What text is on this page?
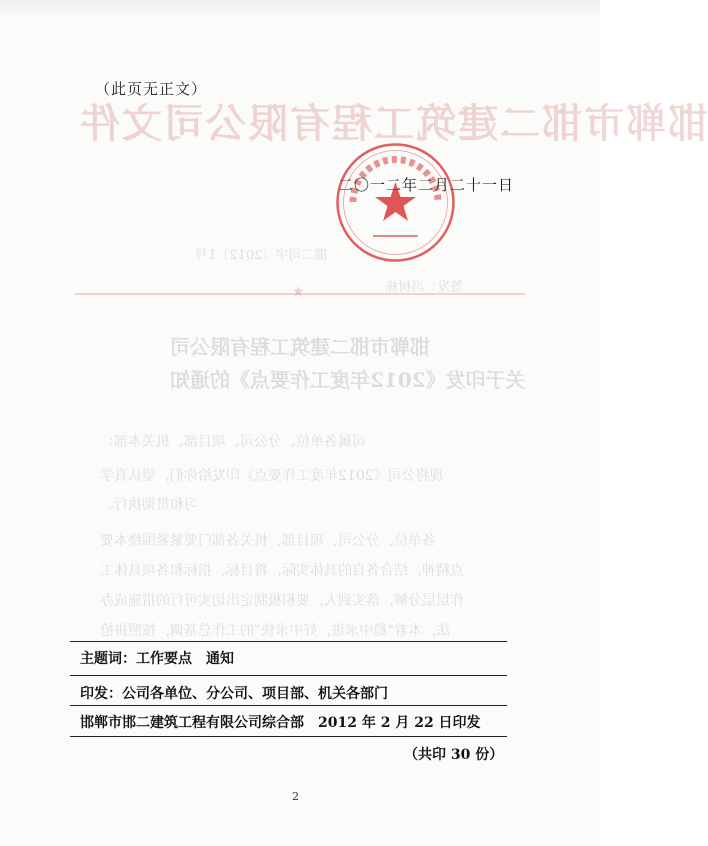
邯郸市邯二建筑工程有限公司文件
邯二司字〔2012〕1号
签发：冯树栋
★
邯郸市邯二建筑工程有限公司
关于印发《2012年度工作要点》的通知
司属各单位、分公司、项目部、机关本部：
现将公司《2012年度工作要点》印发给你们，望认真学
习和贯彻执行。
各单位、分公司、项目部、机关各部门要紧紧围绕本要
点精神，结合各自的具体实际，将目标、指标和各项具体工
作层层分解，落实到人，要积极制定出切实可行的措施成办
法，本着“稳中求进，好中求快”的工作总基调，按照拼抢
（此页无正文）
二〇一二年二月二十一日
主题词：工作要点　通知
印发：公司各单位、分公司、项目部、机关各部门
邯郸市邯二建筑工程有限公司综合部　2012 年 2 月 22 日印发
（共印 30 份）
2
